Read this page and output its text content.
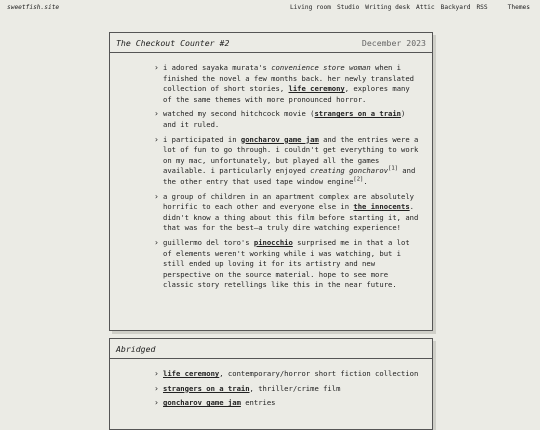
sweetfish.site	Living room Studio Writing desk Attic Backyard RSS	Themes
The Checkout Counter #2	December 2023
› i adored sayaka murata's convenience store woman when i finished the novel a few months back. her newly translated collection of short stories, life ceremony, explores many of the same themes with more pronounced horror.
› watched my second hitchcock movie (strangers on a train) and it ruled.
› i participated in goncharov game jam and the entries were a lot of fun to go through. i couldn't get everything to work on my mac, unfortunately, but played all the games available. i particularly enjoyed creating goncharov[1] and the other entry that used tape window engine[2].
› a group of children in an apartment complex are absolutely horrific to each other and everyone else in the innocents. didn't know a thing about this film before starting it, and that was for the best—a truly dire watching experience!
› guillermo del toro's pinocchio surprised me in that a lot of elements weren't working while i was watching, but i still ended up loving it for its artistry and new perspective on the source material. hope to see more classic story retellings like this in the near future.
Abridged
› life ceremony, contemporary/horror short fiction collection
› strangers on a train, thriller/crime film
› goncharov game jam entries
